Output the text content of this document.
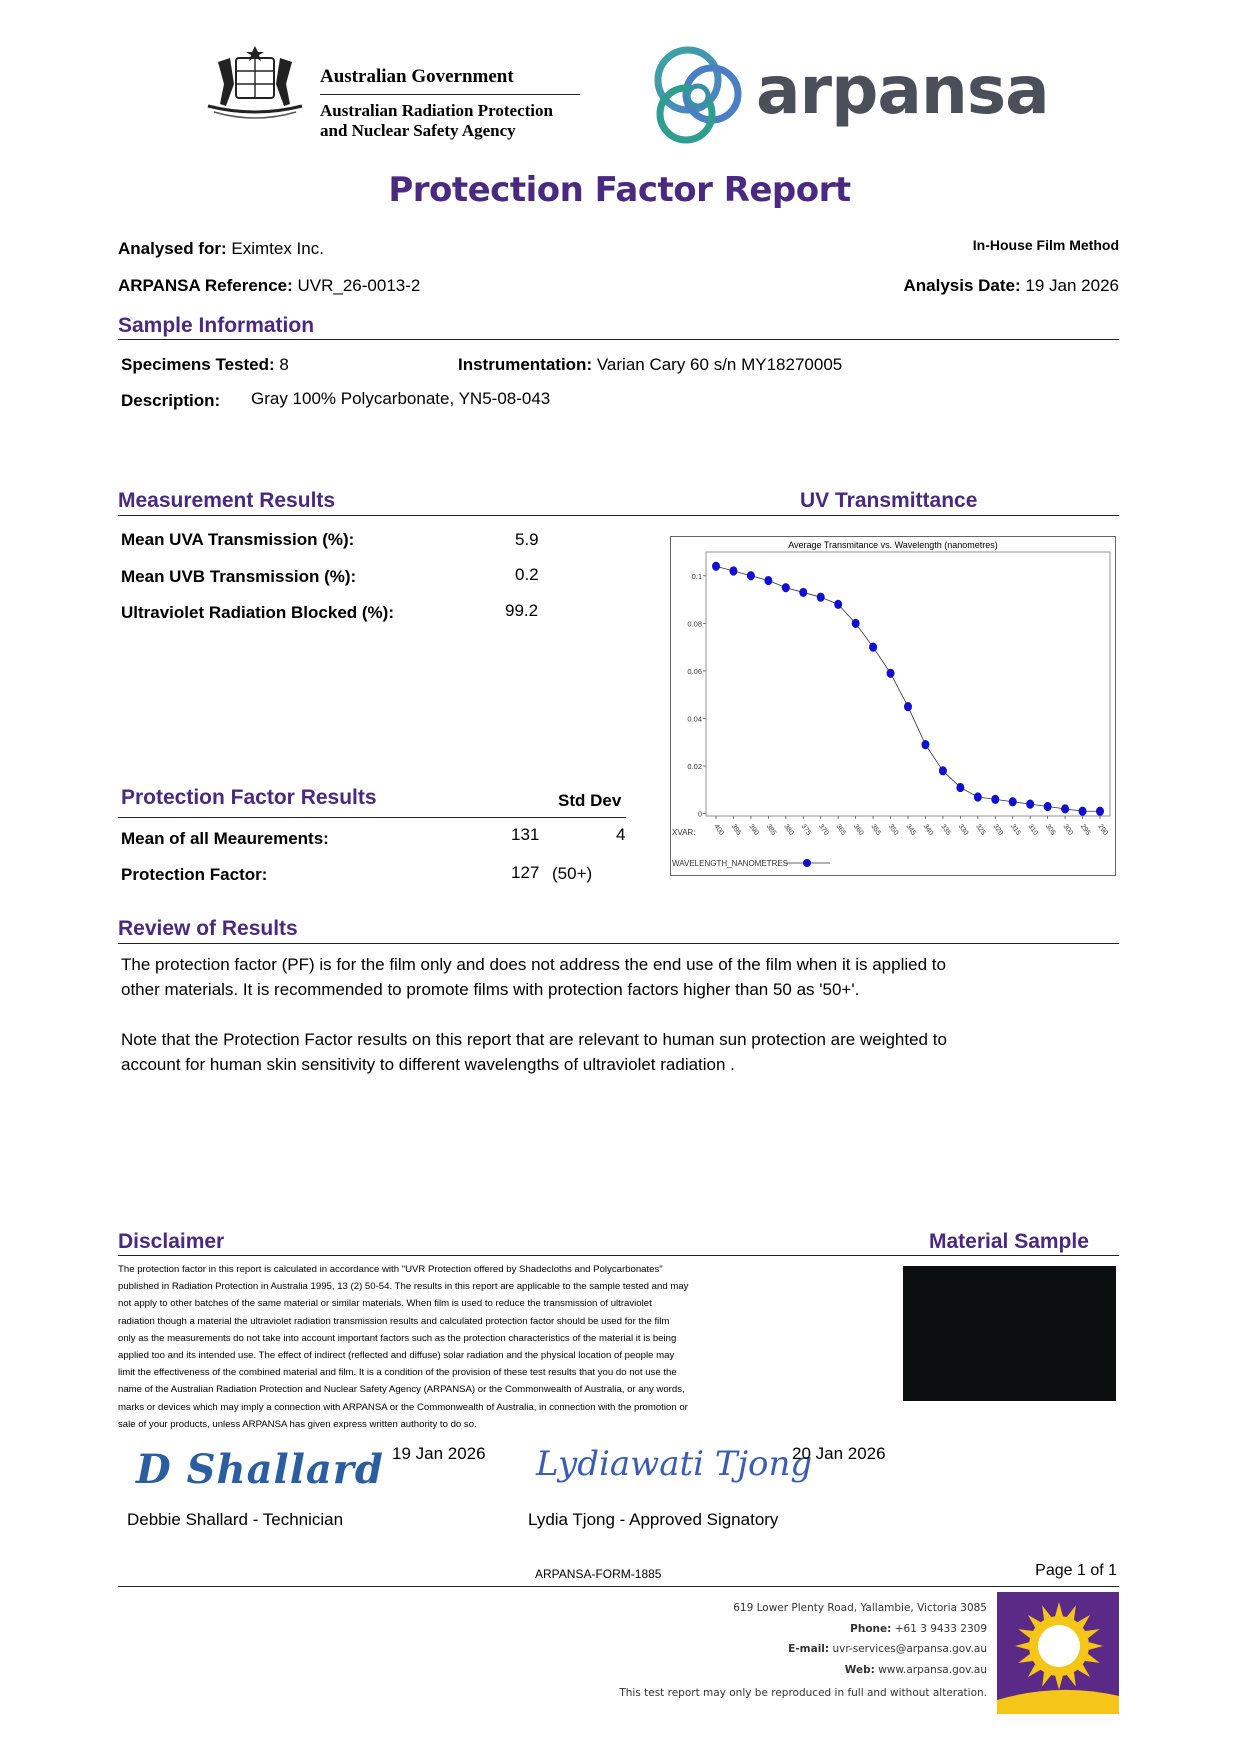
Australian Government
Australian Radiation Protection
and Nuclear Safety Agency
arpansa
Protection Factor Report
Analysed for: Eximtex Inc.	In-House Film Method
ARPANSA Reference: UVR_26-0013-2	Analysis Date: 19 Jan 2026
Sample Information
Specimens Tested: 8	Instrumentation: Varian Cary 60 s/n MY18270005
Description: Gray 100% Polycarbonate, YN5-08-043
Measurement Results	UV Transmittance
Mean UVA Transmission (%):	5.9
Mean UVB Transmission (%):	0.2
Ultraviolet Radiation Blocked (%):	99.2
Average Transmitance vs. Wavelength (nanometres)
XVAR:
WAVELENGTH_NANOMETRES
0
0.02
0.04
0.06
0.08
0.1
400 395 390 385 380 375 370 365 360 355 350 345 340 335 330 325 320 315 310 305 300 295 290
Protection Factor Results	Std Dev
Mean of all Meaurements:	131	4
Protection Factor:	127 (50+)
Review of Results
The protection factor (PF) is for the film only and does not address the end use of the film when it is applied to
other materials. It is recommended to promote films with protection factors higher than 50 as '50+'.
Note that the Protection Factor results on this report that are relevant to human sun protection are weighted to
account for human skin sensitivity to different wavelengths of ultraviolet radiation .
Disclaimer	Material Sample
The protection factor in this report is calculated in accordance with "UVR Protection offered by Shadecloths and Polycarbonates"
published in Radiation Protection in Australia 1995, 13 (2) 50-54. The results in this report are applicable to the sample tested and may
not apply to other batches of the same material or similar materials. When film is used to reduce the transmission of ultraviolet
radiation though a material the ultraviolet radiation transmission results and calculated protection factor should be used for the film
only as the measurements do not take into account important factors such as the protection characteristics of the material it is being
applied too and its intended use. The effect of indirect (reflected and diffuse) solar radiation and the physical location of people may
limit the effectiveness of the combined material and film. It is a condition of the provision of these test results that you do not use the
name of the Australian Radiation Protection and Nuclear Safety Agency (ARPANSA) or the Commonwealth of Australia, or any words,
marks or devices which may imply a connection with ARPANSA or the Commonwealth of Australia, in connection with the promotion or
sale of your products, unless ARPANSA has given express written authority to do so.
D Shallard 19 Jan 2026
Debbie Shallard - Technician
Lydiawati Tjong
20 Jan 2026
Lydia Tjong - Approved Signatory
ARPANSA-FORM-1885	Page 1 of 1
619 Lower Plenty Road, Yallambie, Victoria 3085
Phone: +61 3 9433 2309
E-mail: uvr-services@arpansa.gov.au
Web: www.arpansa.gov.au
This test report may only be reproduced in full and without alteration.
